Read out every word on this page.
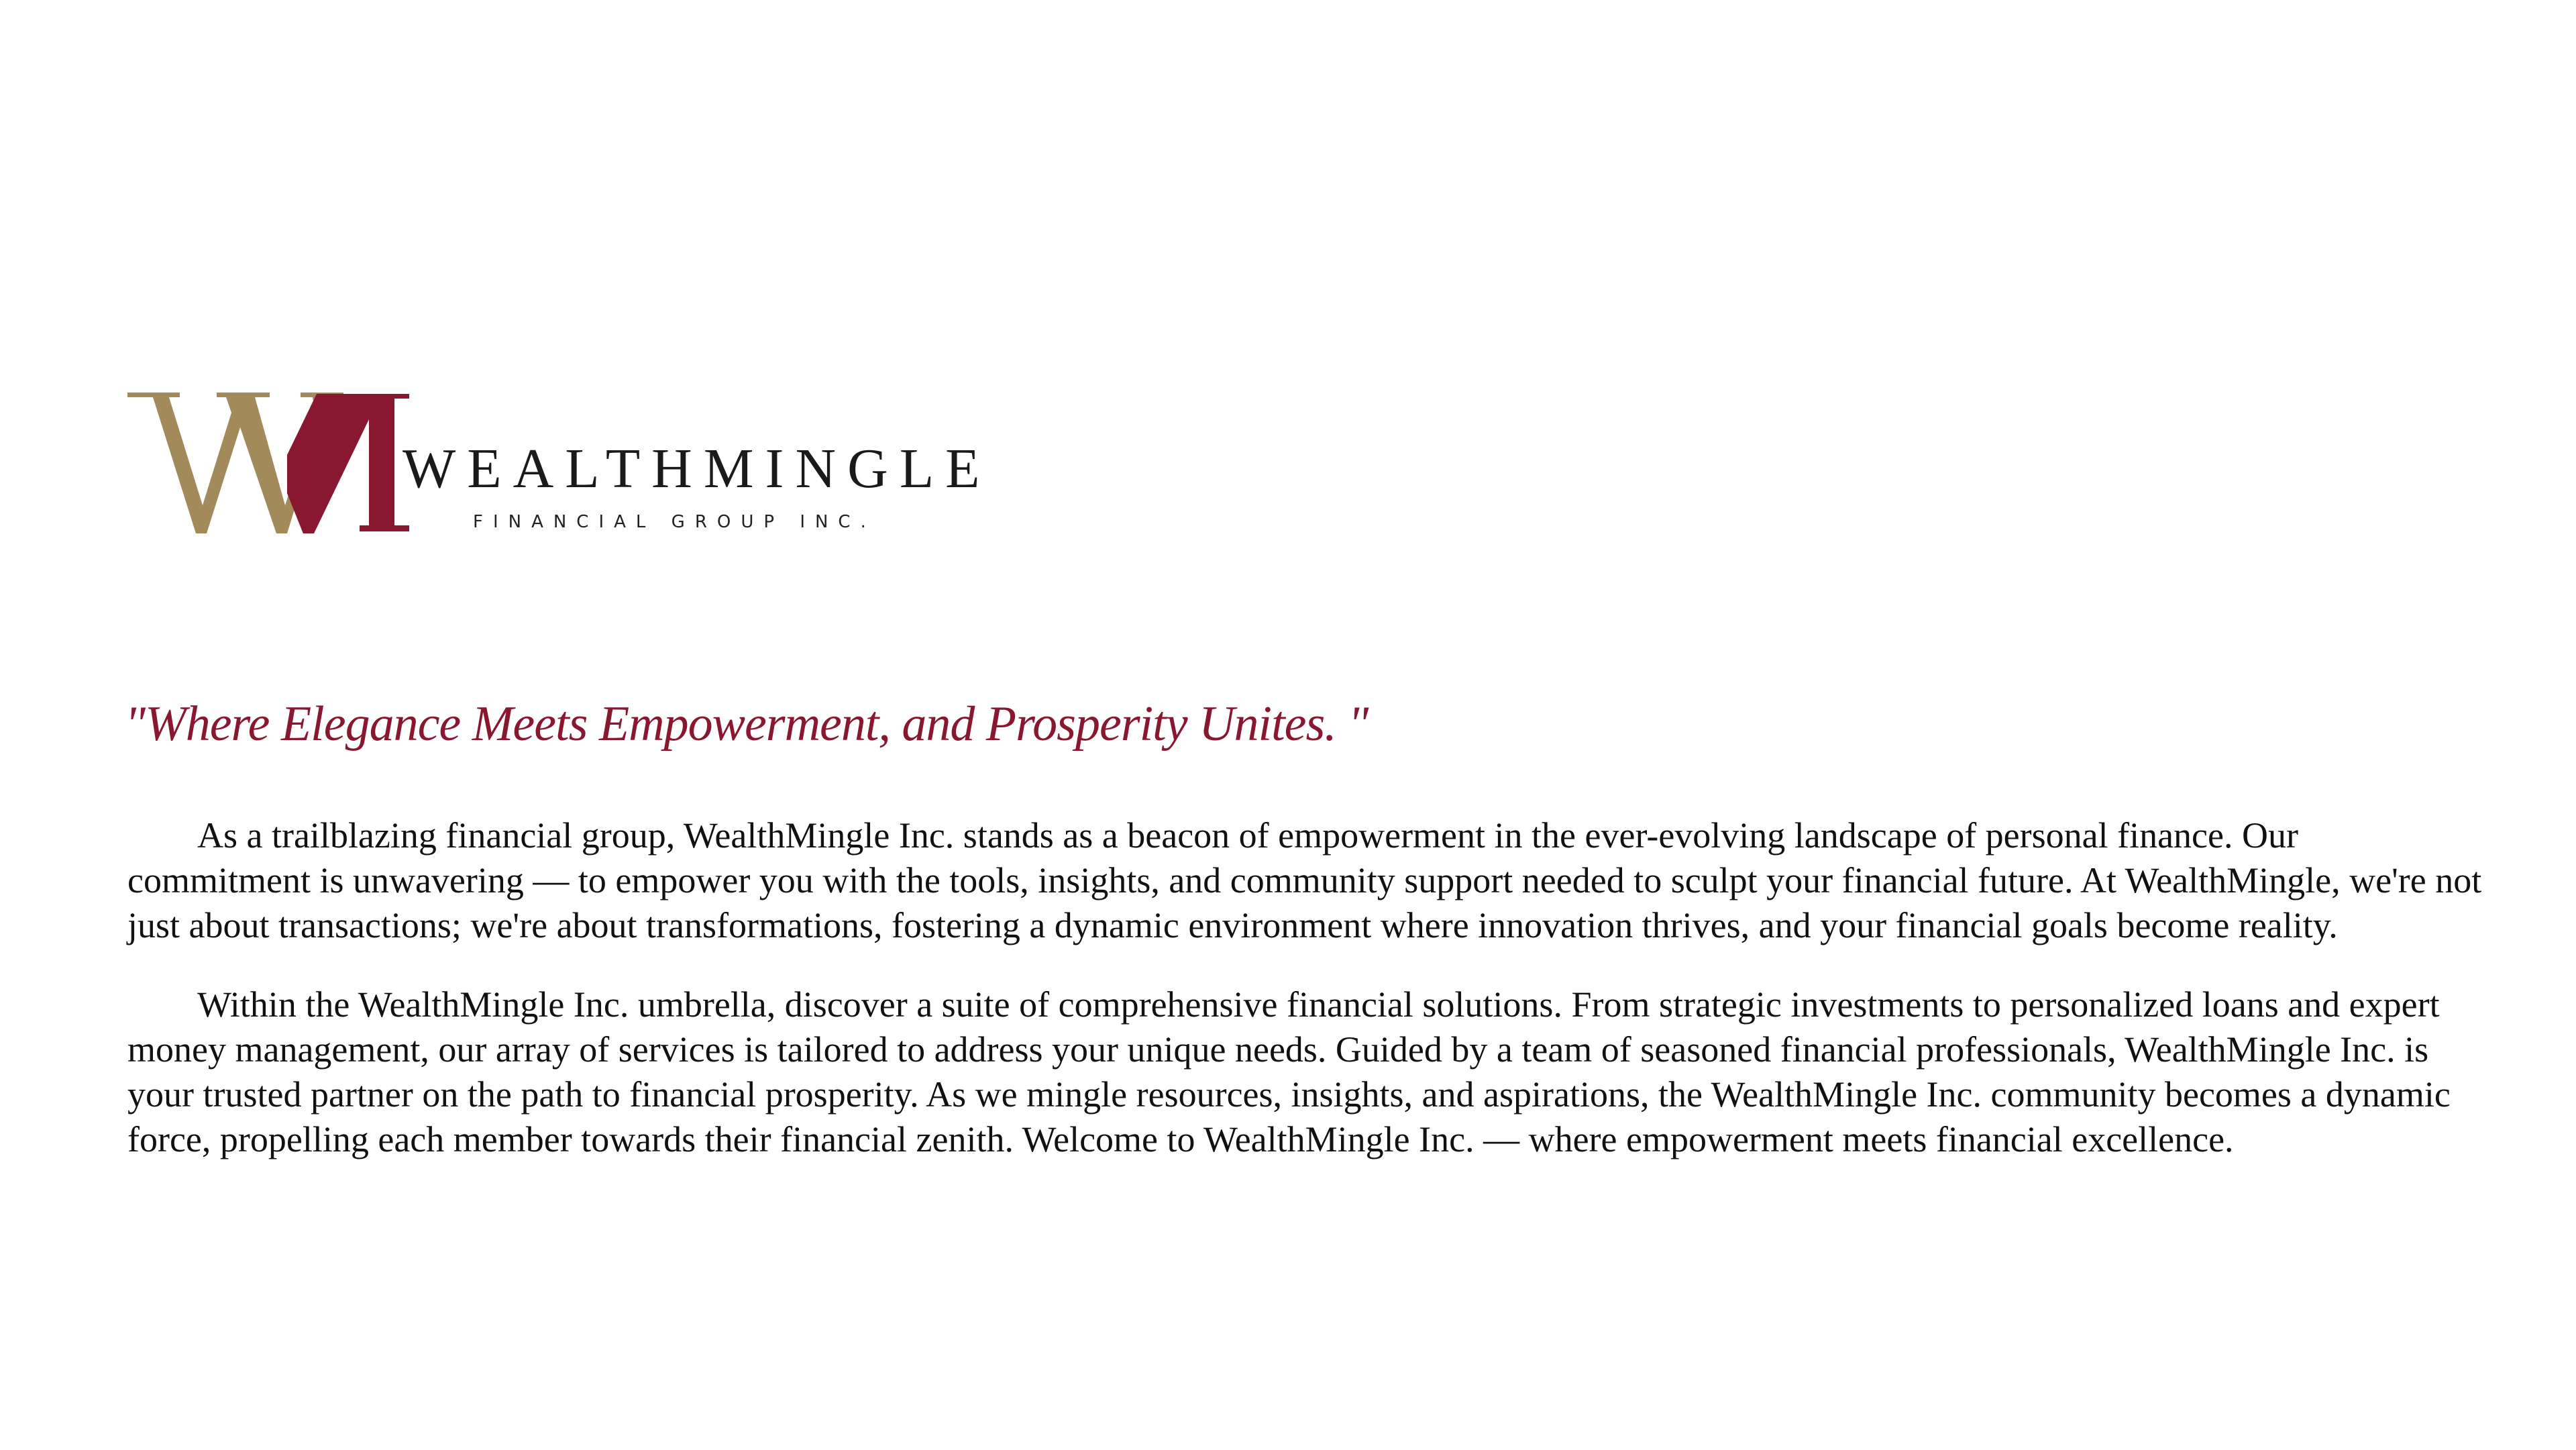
WEALTHMINGLE
FINANCIAL GROUP INC.
"Where Elegance Meets Empowerment, and Prosperity Unites. "

As a trailblazing financial group, WealthMingle Inc. stands as a beacon of empowerment in the ever-evolving landscape of personal finance. Our commitment is unwavering — to empower you with the tools, insights, and community support needed to sculpt your financial future. At WealthMingle, we're not just about transactions; we're about transformations, fostering a dynamic environment where innovation thrives, and your financial goals become reality.

Within the WealthMingle Inc. umbrella, discover a suite of comprehensive financial solutions. From strategic investments to personalized loans and expert money management, our array of services is tailored to address your unique needs. Guided by a team of seasoned financial professionals, WealthMingle Inc. is your trusted partner on the path to financial prosperity. As we mingle resources, insights, and aspirations, the WealthMingle Inc. community becomes a dynamic force, propelling each member towards their financial zenith. Welcome to WealthMingle Inc. — where empowerment meets financial excellence.
